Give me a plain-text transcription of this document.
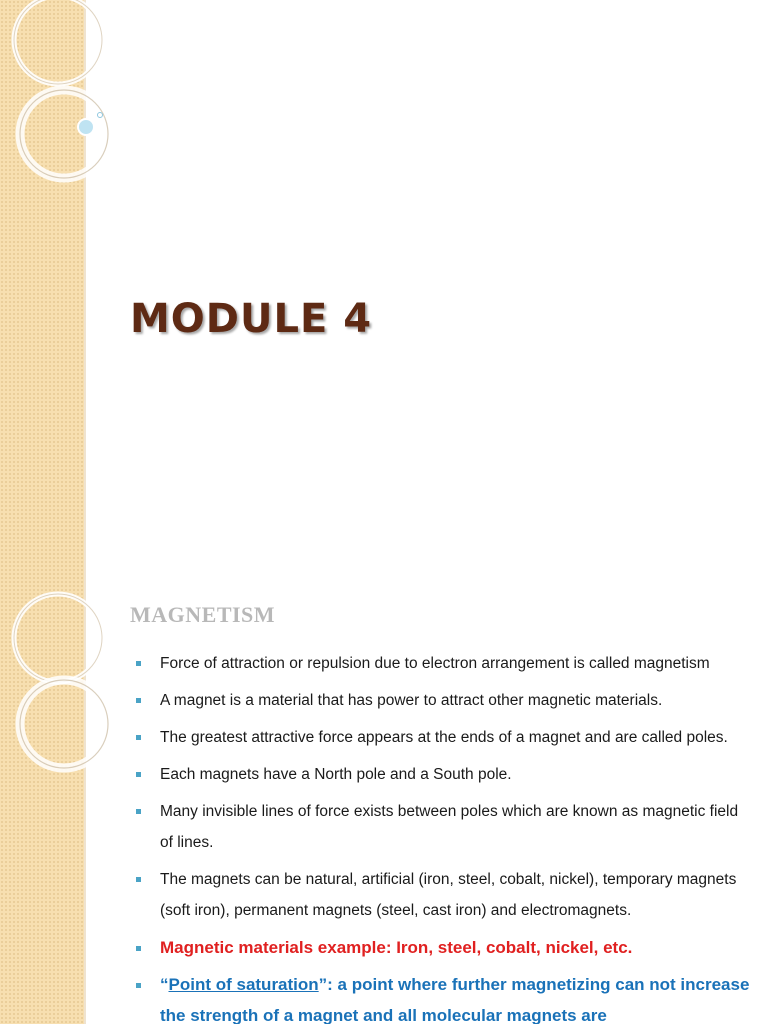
MODULE 4
MAGNETISM
Force of attraction or repulsion due to electron arrangement is called magnetism
A magnet is a material that has power to attract other magnetic materials.
The greatest attractive force appears at the ends of a magnet and are called poles.
Each magnets have a North pole and a South pole.
Many invisible lines of force exists between poles which are known as magnetic field of lines.
The magnets can be natural, artificial (iron, steel, cobalt, nickel), temporary magnets (soft iron), permanent magnets (steel, cast iron) and electromagnets.
Magnetic materials example: Iron, steel, cobalt, nickel, etc.
“Point of saturation”: a point where further magnetizing can not increase the strength of a magnet and all molecular magnets are
